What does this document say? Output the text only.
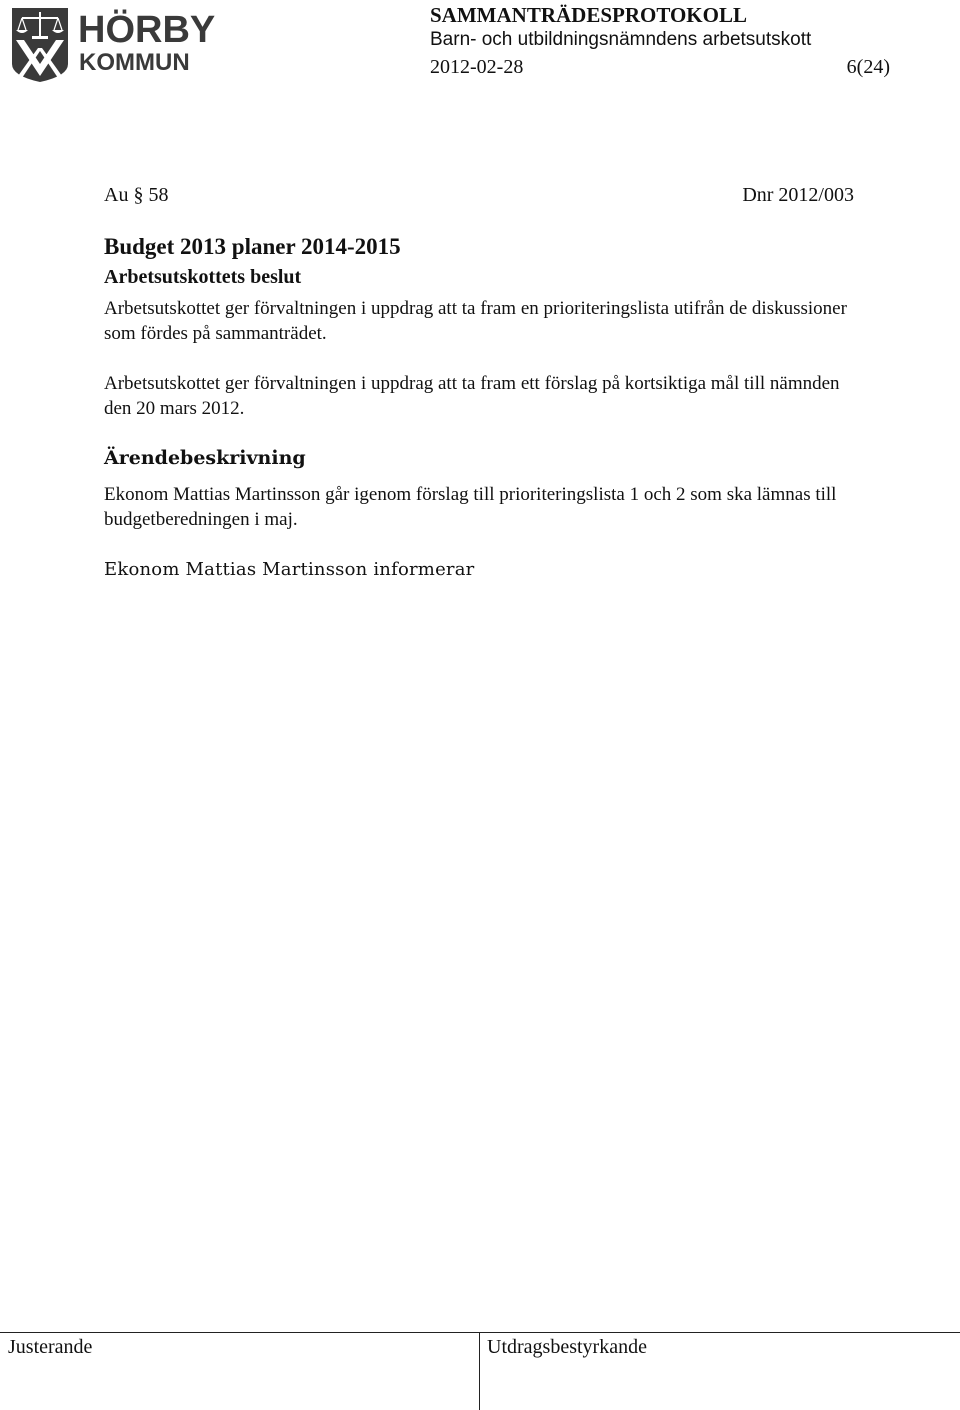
HÖRBY
KOMMUN

SAMMANTRÄDESPROTOKOLL

Barn- och utbildningsnämndens arbetsutskott

2012-02-28	6(24)
Au § 58	Dnr 2012/003
Budget 2013 planer 2014-2015
Arbetsutskottets beslut

Arbetsutskottet ger förvaltningen i uppdrag att ta fram en prioriteringslista utifrån de diskussioner som fördes på sammanträdet.

Arbetsutskottet ger förvaltningen i uppdrag att ta fram ett förslag på kortsiktiga mål till nämnden den 20 mars 2012.

Ärendebeskrivning

Ekonom Mattias Martinsson går igenom förslag till prioriteringslista 1 och 2 som ska lämnas till budgetberedningen i maj.

Ekonom Mattias Martinsson informerar

Justerande	Utdragsbestyrkande
